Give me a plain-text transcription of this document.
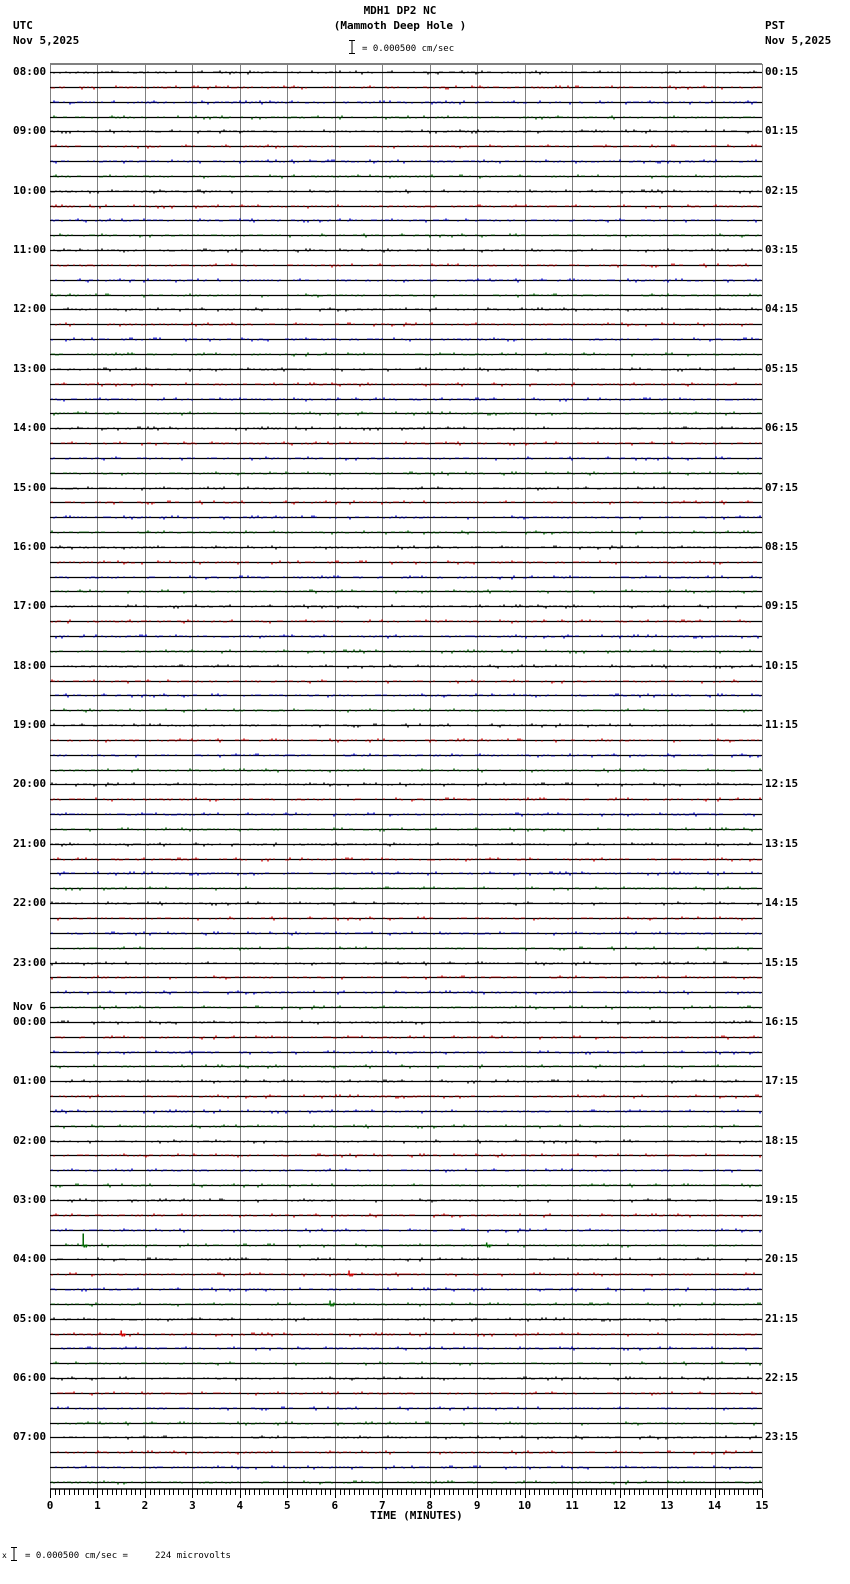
MDH1 DP2 NC
(Mammoth Deep Hole )
= 0.000500 cm/sec
UTC
Nov 5,2025
PST
Nov 5,2025
0	1	2	3	4	5	6	7	8	9	10	11	12	13	14	15
08:00
09:00
10:00
11:00
12:00
13:00
14:00
15:00
16:00
17:00
18:00
19:00
20:00
21:00
22:00
23:00
00:00
Nov 6
01:00
02:00
03:00
04:00
05:00
06:00
07:00
00:15
01:15
02:15
03:15
04:15
05:15
06:15
07:15
08:15
09:15
10:15
11:15
12:15
13:15
14:15
15:15
16:15
17:15
18:15
19:15
20:15
21:15
22:15
23:15
TIME (MINUTES)
x = 0.000500 cm/sec =     224 microvolts
